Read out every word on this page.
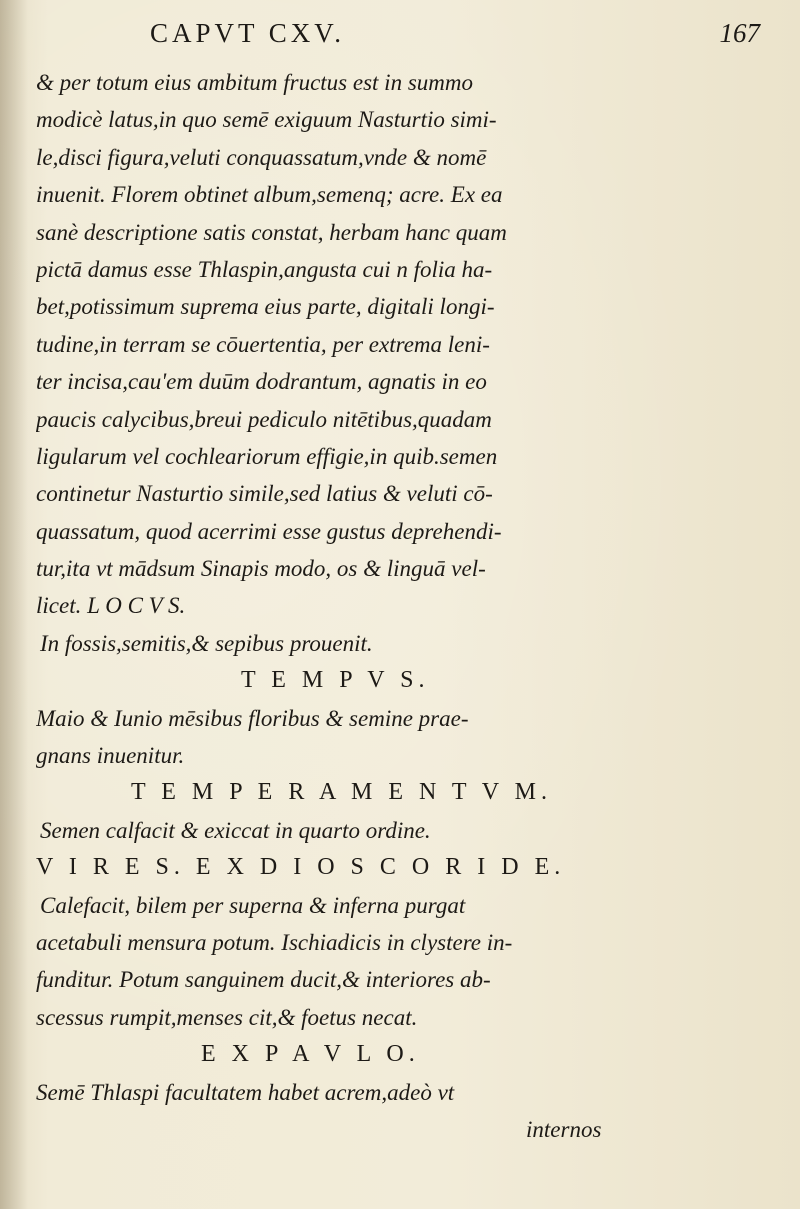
CAPVT CXV.	167
& per totum eius ambitum fructus est in summo
modicè latus,in quo semē exiguum Nasturtio simi-
le,disci figura,veluti conquassatum,vnde & nomē
inuenit. Florem obtinet album,semenq; acre. Ex ea
sanè descriptione satis constat, herbam hanc quam
pictā damus esse Thlaspin,angusta cui n folia ha-
bet,potissimum suprema eius parte, digitali longi-
tudine,in terram se cōuertentia, per extrema leni-
ter incisa,cau'em duūm dodrantum, agnatis in eo
paucis calycibus,breui pediculo nitētibus,quadam
ligularum vel cochleariorum effigie,in quib.semen
continetur Nasturtio simile,sed latius & veluti cō-
quassatum, quod acerrimi esse gustus deprehendi-
tur,ita vt mādsum Sinapis modo, os & linguā vel-
licet. L O C V S.
In fossis,semitis,& sepibus prouenit.
T E M P V S.
Maio & Iunio mēsibus floribus & semine prae-
gnans inuenitur.
T E M P E R A M E N T V M.
Semen calfacit & exiccat in quarto ordine.
V I R E S. E X D I O S C O R I D E.
Calefacit, bilem per superna & inferna purgat
acetabuli mensura potum. Ischiadicis in clystere in-
funditur. Potum sanguinem ducit,& interiores ab-
scessus rumpit,menses cit,& foetus necat.
E X P A V L O.
Semē Thlaspi facultatem habet acrem,adeò vt
internos
